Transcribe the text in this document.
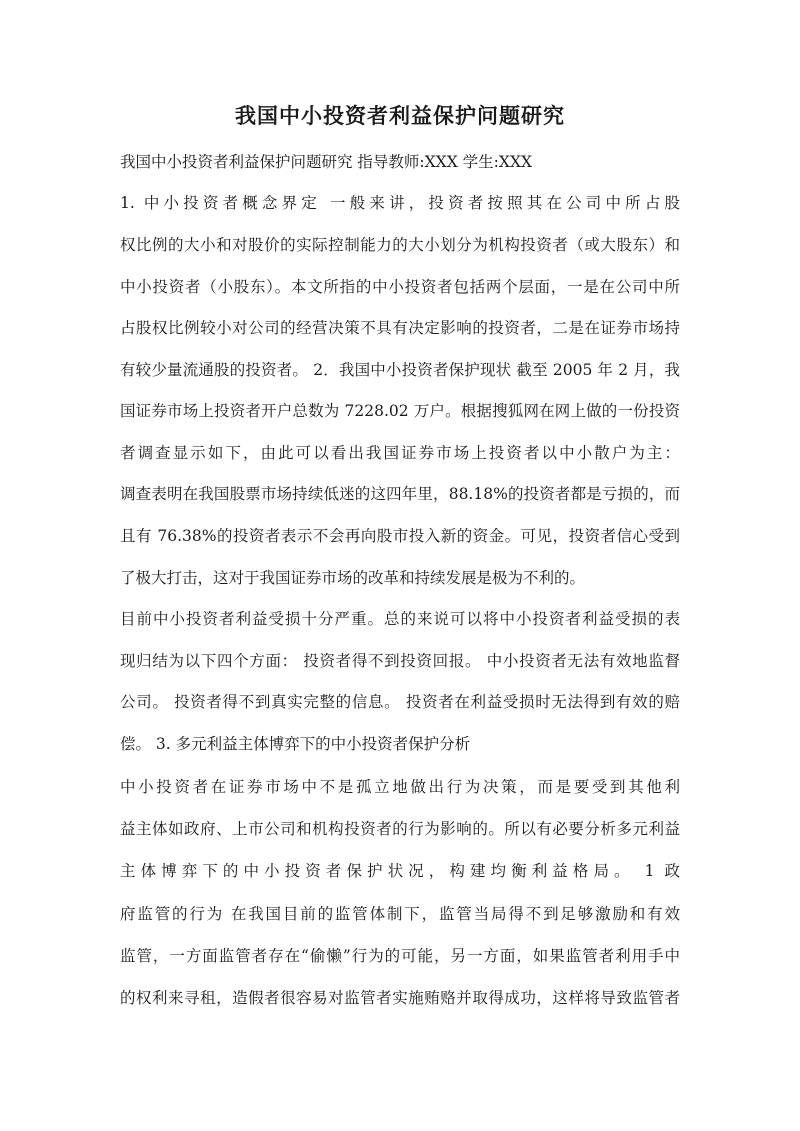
我国中小投资者利益保护问题研究
我国中小投资者利益保护问题研究 指导教师:XXX 学生:XXX
1. 中小投资者概念界定 一般来讲，投资者按照其在公司中所占股
权比例的大小和对股价的实际控制能力的大小划分为机构投资者（或大股东）和
中小投资者（小股东）。本文所指的中小投资者包括两个层面，一是在公司中所
占股权比例较小对公司的经营决策不具有决定影响的投资者，二是在证券市场持
有较少量流通股的投资者。 2．我国中小投资者保护现状 截至 2005 年 2 月，我
国证券市场上投资者开户总数为 7228.02 万户。根据搜狐网在网上做的一份投资
者调查显示如下，由此可以看出我国证券市场上投资者以中小散户为主：
调查表明在我国股票市场持续低迷的这四年里，88.18%的投资者都是亏损的，而
且有 76.38%的投资者表示不会再向股市投入新的资金。可见，投资者信心受到
了极大打击，这对于我国证券市场的改革和持续发展是极为不利的。
目前中小投资者利益受损十分严重。总的来说可以将中小投资者利益受损的表
现归结为以下四个方面： 投资者得不到投资回报。 中小投资者无法有效地监督
公司。 投资者得不到真实完整的信息。 投资者在利益受损时无法得到有效的赔
偿。 3. 多元利益主体博弈下的中小投资者保护分析
中小投资者在证券市场中不是孤立地做出行为决策，而是要受到其他利
益主体如政府、上市公司和机构投资者的行为影响的。所以有必要分析多元利益
主体博弈下的中小投资者保护状况，构建均衡利益格局。 1 政
府监管的行为 在我国目前的监管体制下，监管当局得不到足够激励和有效
监管，一方面监管者存在“偷懒”行为的可能，另一方面，如果监管者利用手中
的权利来寻租，造假者很容易对监管者实施贿赂并取得成功，这样将导致监管者
